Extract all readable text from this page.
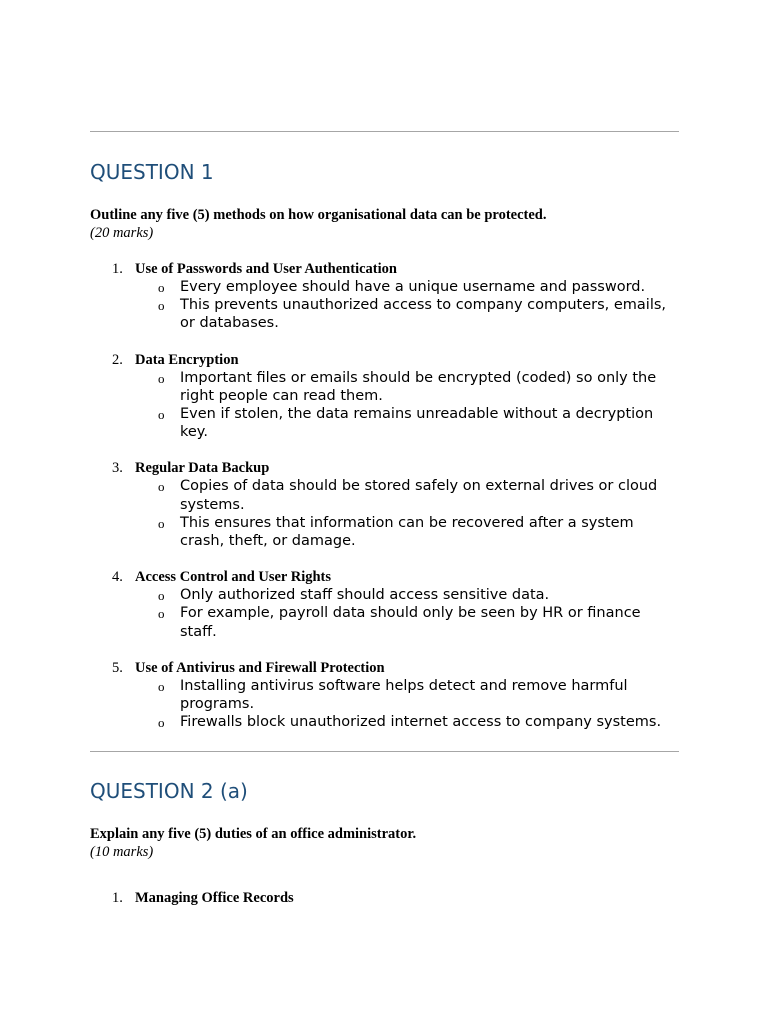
QUESTION 1

Outline any five (5) methods on how organisational data can be protected.

(20 marks)

1. Use of Passwords and User Authentication
o Every employee should have a unique username and password.
o This prevents unauthorized access to company computers, emails, or databases.
2. Data Encryption
o Important files or emails should be encrypted (coded) so only the right people can read them.
o Even if stolen, the data remains unreadable without a decryption key.
3. Regular Data Backup
o Copies of data should be stored safely on external drives or cloud systems.
o This ensures that information can be recovered after a system crash, theft, or damage.
4. Access Control and User Rights
o Only authorized staff should access sensitive data.
o For example, payroll data should only be seen by HR or finance staff.
5. Use of Antivirus and Firewall Protection
o Installing antivirus software helps detect and remove harmful programs.
o Firewalls block unauthorized internet access to company systems.
QUESTION 2 (a)

Explain any five (5) duties of an office administrator.

(10 marks)

1. Managing Office Records
